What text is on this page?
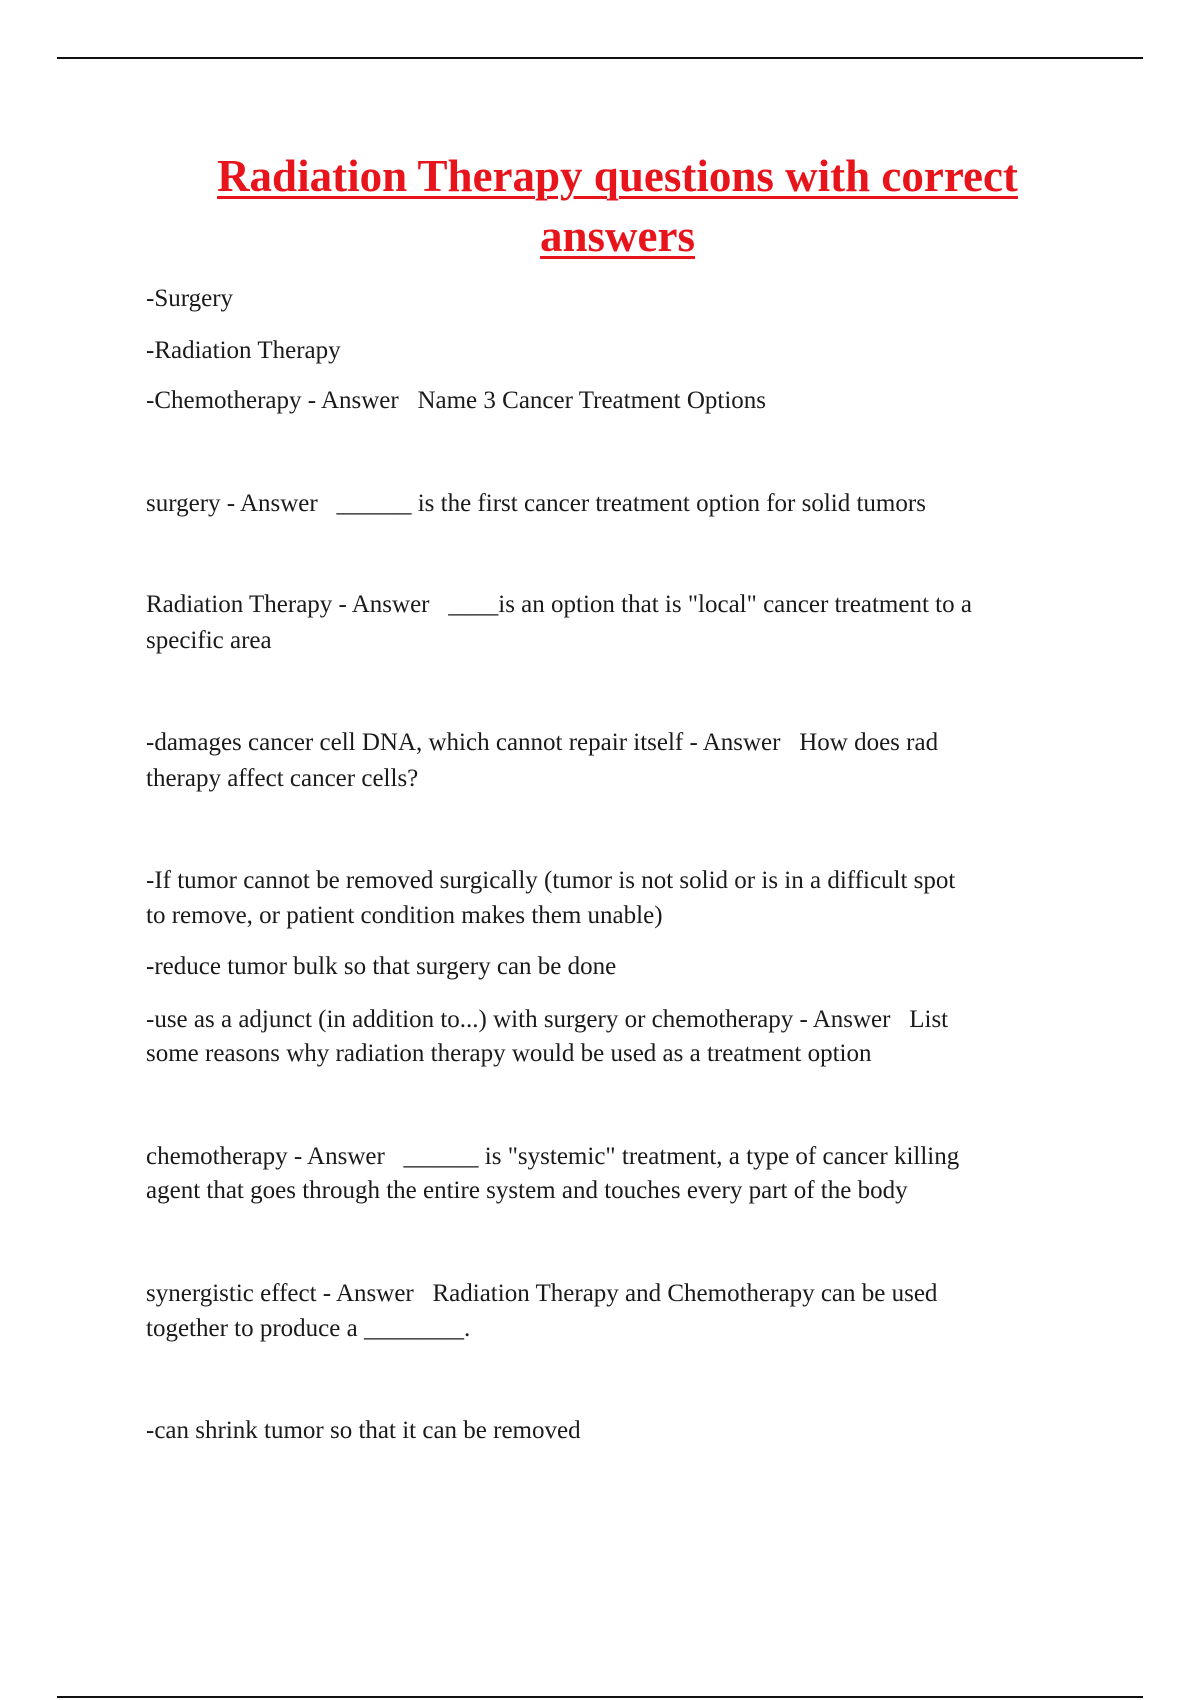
Radiation Therapy questions with correct
answers
-Surgery
-Radiation Therapy
-Chemotherapy - Answer   Name 3 Cancer Treatment Options
surgery - Answer   ______ is the first cancer treatment option for solid tumors
Radiation Therapy - Answer   ____is an option that is "local" cancer treatment to a
specific area
-damages cancer cell DNA, which cannot repair itself - Answer   How does rad
therapy affect cancer cells?
-If tumor cannot be removed surgically (tumor is not solid or is in a difficult spot
to remove, or patient condition makes them unable)
-reduce tumor bulk so that surgery can be done
-use as a adjunct (in addition to...) with surgery or chemotherapy - Answer   List
some reasons why radiation therapy would be used as a treatment option
chemotherapy - Answer   ______ is "systemic" treatment, a type of cancer killing
agent that goes through the entire system and touches every part of the body
synergistic effect - Answer   Radiation Therapy and Chemotherapy can be used
together to produce a ________.
-can shrink tumor so that it can be removed
